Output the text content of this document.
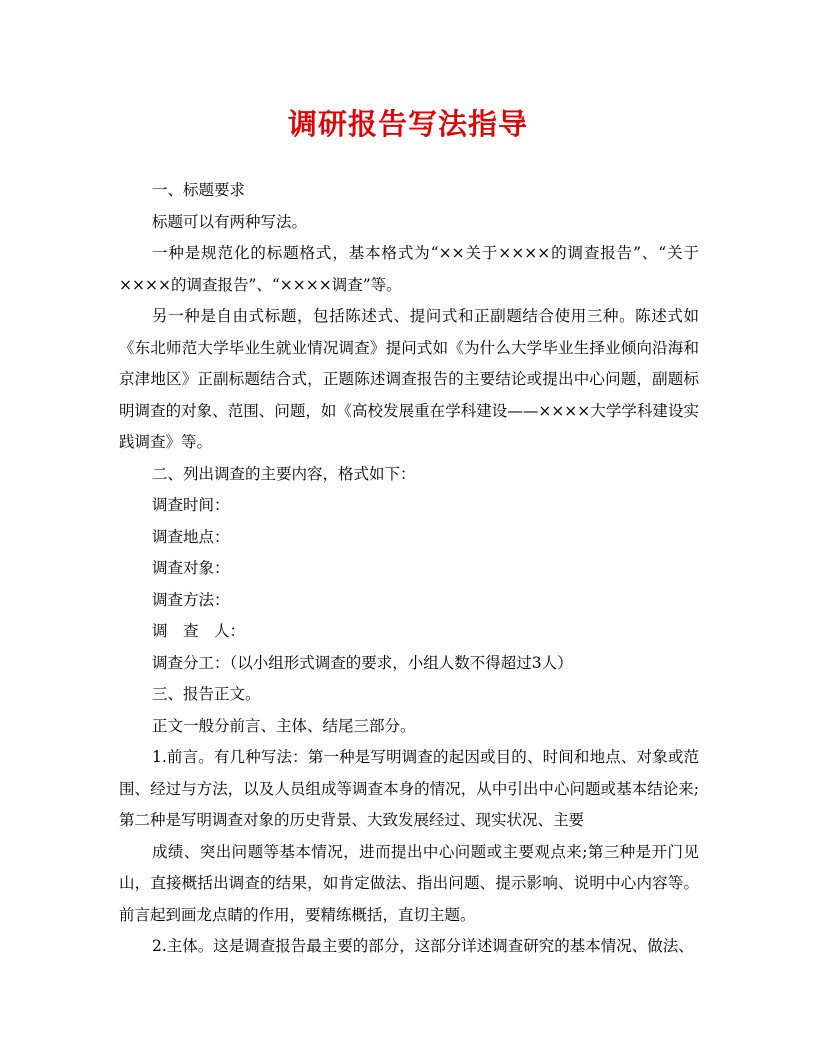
调研报告写法指导

一、标题要求

标题可以有两种写法。

一种是规范化的标题格式，基本格式为“××关于××××的调查报告”、“关于××××的调查报告”、“××××调查”等。

另一种是自由式标题，包括陈述式、提问式和正副题结合使用三种。陈述式如《东北师范大学毕业生就业情况调查》提问式如《为什么大学毕业生择业倾向沿海和京津地区》正副标题结合式，正题陈述调查报告的主要结论或提出中心问题，副题标明调查的对象、范围、问题，如《高校发展重在学科建设——××××大学学科建设实践调查》等。

二、列出调查的主要内容，格式如下：

调查时间：

调查地点：

调查对象：

调查方法：

调　查　人：

调查分工：（以小组形式调查的要求，小组人数不得超过3人）

三、报告正文。

正文一般分前言、主体、结尾三部分。

1.前言。有几种写法：第一种是写明调查的起因或目的、时间和地点、对象或范围、经过与方法，以及人员组成等调查本身的情况，从中引出中心问题或基本结论来;第二种是写明调查对象的历史背景、大致发展经过、现实状况、主要

成绩、突出问题等基本情况，进而提出中心问题或主要观点来;第三种是开门见山，直接概括出调查的结果，如肯定做法、指出问题、提示影响、说明中心内容等。前言起到画龙点睛的作用，要精练概括，直切主题。

2.主体。这是调查报告最主要的部分，这部分详述调查研究的基本情况、做法、
